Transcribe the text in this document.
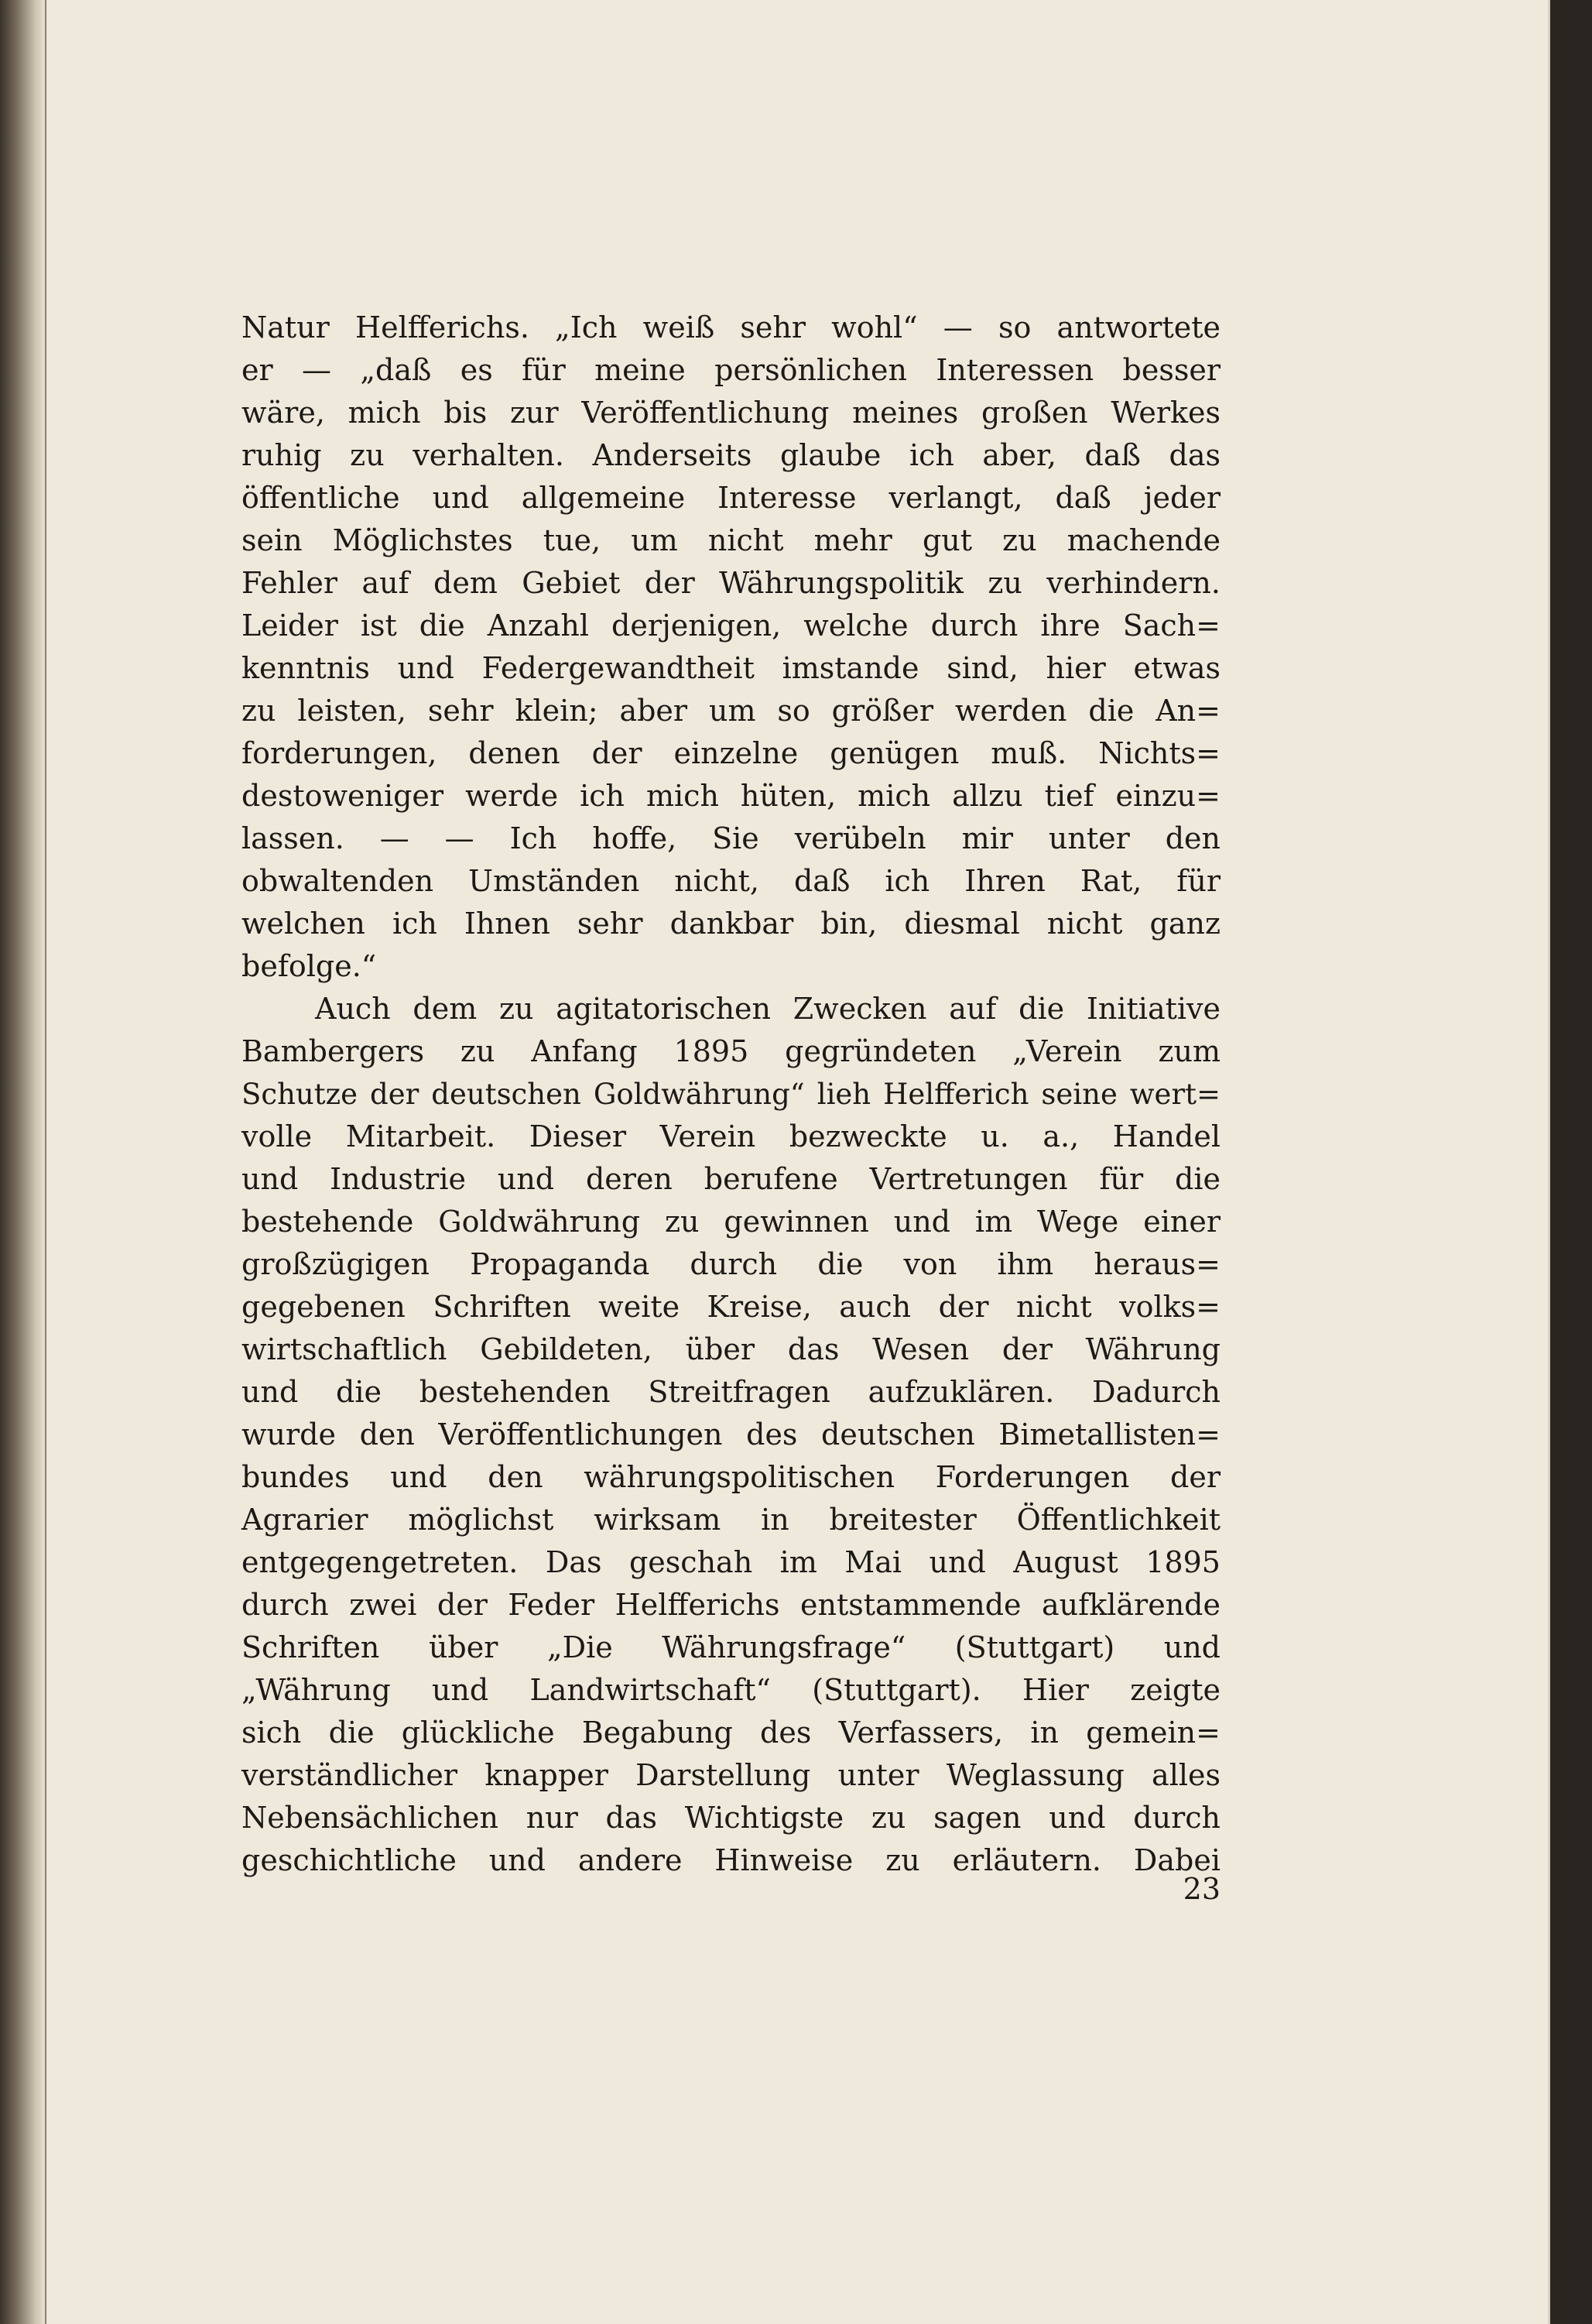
Natur Helfferichs. „Ich weiß sehr wohl“ — so antwortete
er — „daß es für meine persönlichen Interessen besser
wäre, mich bis zur Veröffentlichung meines großen Werkes
ruhig zu verhalten. Anderseits glaube ich aber, daß das
öffentliche und allgemeine Interesse verlangt, daß jeder
sein Möglichstes tue, um nicht mehr gut zu machende
Fehler auf dem Gebiet der Währungspolitik zu verhindern.
Leider ist die Anzahl derjenigen, welche durch ihre Sach=
kenntnis und Federgewandtheit imstande sind, hier etwas
zu leisten, sehr klein; aber um so größer werden die An=
forderungen, denen der einzelne genügen muß. Nichts=
destoweniger werde ich mich hüten, mich allzu tief einzu=
lassen. — — Ich hoffe, Sie verübeln mir unter den
obwaltenden Umständen nicht, daß ich Ihren Rat, für
welchen ich Ihnen sehr dankbar bin, diesmal nicht ganz
befolge.“
Auch dem zu agitatorischen Zwecken auf die Initiative
Bambergers zu Anfang 1895 gegründeten „Verein zum
Schutze der deutschen Goldwährung“ lieh Helfferich seine wert=
volle Mitarbeit. Dieser Verein bezweckte u. a., Handel
und Industrie und deren berufene Vertretungen für die
bestehende Goldwährung zu gewinnen und im Wege einer
großzügigen Propaganda durch die von ihm heraus=
gegebenen Schriften weite Kreise, auch der nicht volks=
wirtschaftlich Gebildeten, über das Wesen der Währung
und die bestehenden Streitfragen aufzuklären. Dadurch
wurde den Veröffentlichungen des deutschen Bimetallisten=
bundes und den währungspolitischen Forderungen der
Agrarier möglichst wirksam in breitester Öffentlichkeit
entgegengetreten. Das geschah im Mai und August 1895
durch zwei der Feder Helfferichs entstammende aufklärende
Schriften über „Die Währungsfrage“ (Stuttgart) und
„Währung und Landwirtschaft“ (Stuttgart). Hier zeigte
sich die glückliche Begabung des Verfassers, in gemein=
verständlicher knapper Darstellung unter Weglassung alles
Nebensächlichen nur das Wichtigste zu sagen und durch
geschichtliche und andere Hinweise zu erläutern. Dabei
23
